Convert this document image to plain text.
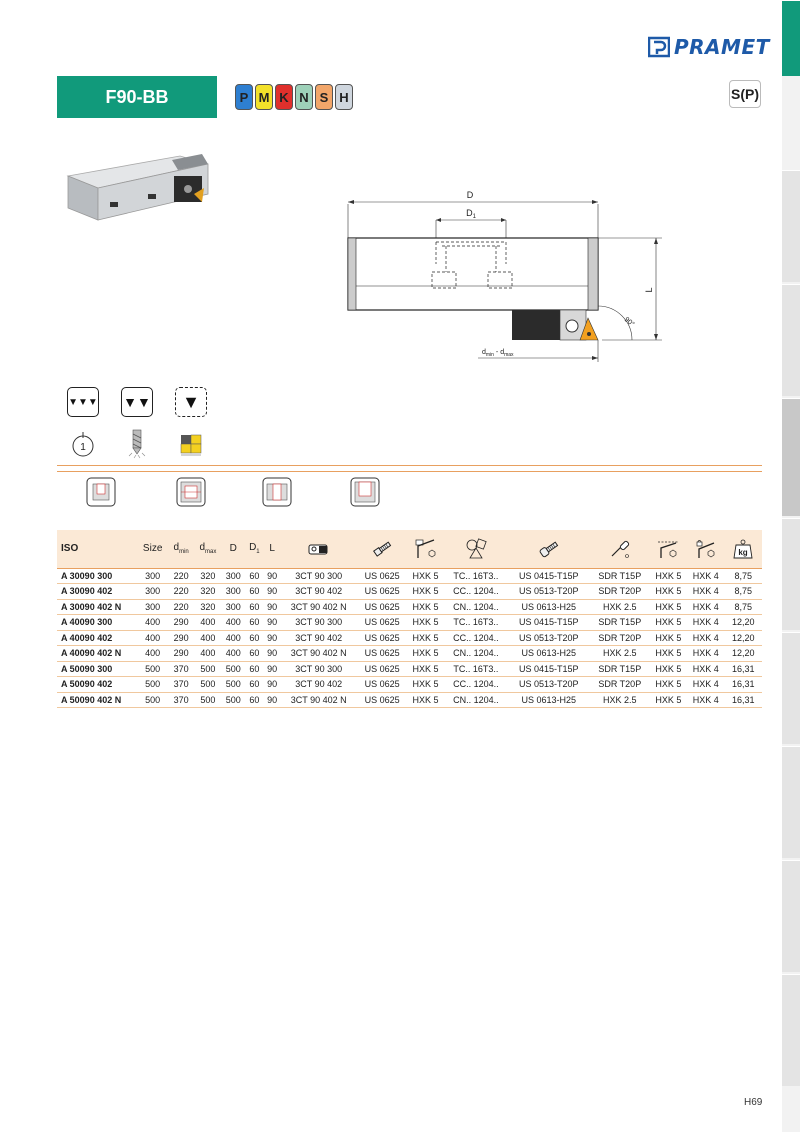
PRAMET
F90-BB	P M K N S H	S(P)
D
$D_1$
L
90°
$d_{min} - d_{max}$
▼▼▼ ▼▼	▼
1
ISO	Size	$d_{min}$	$d_{max}$	D	$D_1$	L									kg

A 30090 300	300	220	320	300	60	90	3CT 90 300	US 0625	HXK 5	TC.. 16T3..	US 0415-T15P	SDR T15P	HXK 5	HXK 4	8,75
A 30090 402	300	220	320	300	60	90	3CT 90 402	US 0625	HXK 5	CC.. 1204..	US 0513-T20P	SDR T20P	HXK 5	HXK 4	8,75
A 30090 402 N	300	220	320	300	60	90	3CT 90 402 N	US 0625	HXK 5	CN.. 1204..	US 0613-H25	HXK 2.5	HXK 5	HXK 4	8,75
A 40090 300	400	290	400	400	60	90	3CT 90 300	US 0625	HXK 5	TC.. 16T3..	US 0415-T15P	SDR T15P	HXK 5	HXK 4	12,20
A 40090 402	400	290	400	400	60	90	3CT 90 402	US 0625	HXK 5	CC.. 1204..	US 0513-T20P	SDR T20P	HXK 5	HXK 4	12,20
A 40090 402 N	400	290	400	400	60	90	3CT 90 402 N	US 0625	HXK 5	CN.. 1204..	US 0613-H25	HXK 2.5	HXK 5	HXK 4	12,20
A 50090 300	500	370	500	500	60	90	3CT 90 300	US 0625	HXK 5	TC.. 16T3..	US 0415-T15P	SDR T15P	HXK 5	HXK 4	16,31
A 50090 402	500	370	500	500	60	90	3CT 90 402	US 0625	HXK 5	CC.. 1204..	US 0513-T20P	SDR T20P	HXK 5	HXK 4	16,31
A 50090 402 N	500	370	500	500	60	90	3CT 90 402 N	US 0625	HXK 5	CN.. 1204..	US 0613-H25	HXK 2.5	HXK 5	HXK 4	16,31
H69
